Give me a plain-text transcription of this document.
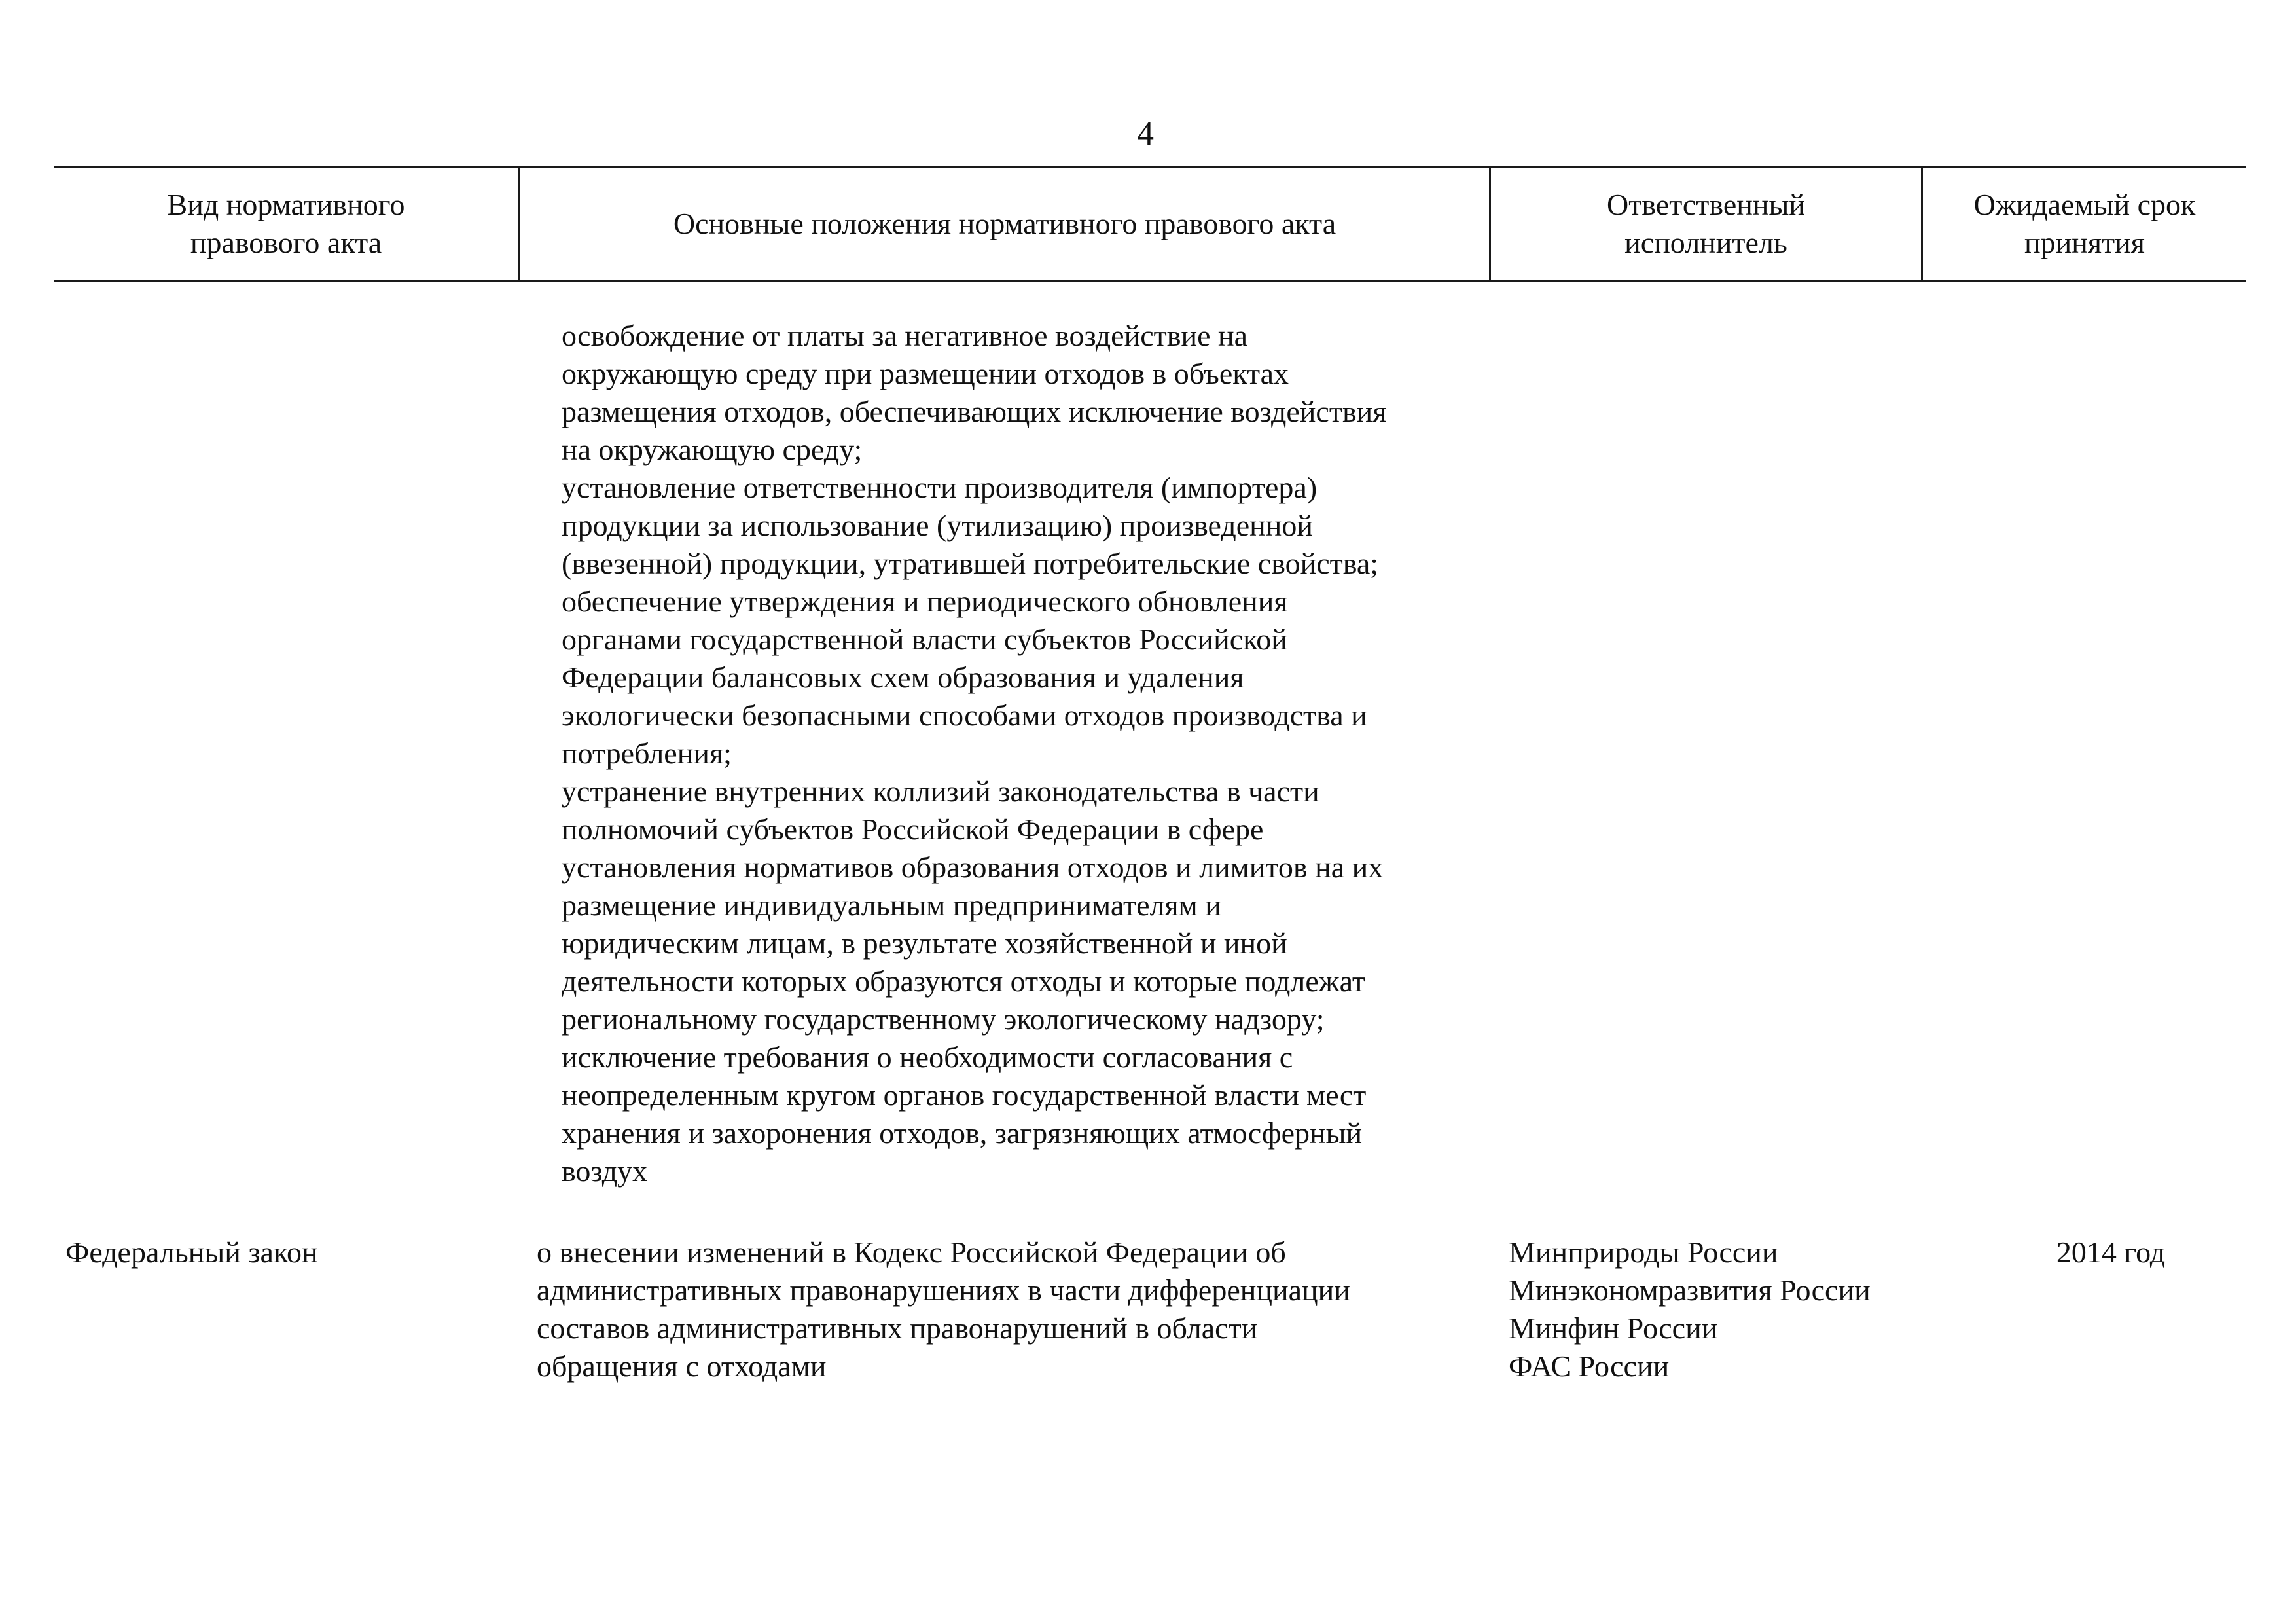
4
Вид нормативного
правового акта
Основные положения нормативного правового акта
Ответственный
исполнитель
Ожидаемый срок
принятия
освобождение от платы за негативное воздействие на
окружающую среду при размещении отходов в объектах
размещения отходов, обеспечивающих исключение воздействия
на окружающую среду;
установление ответственности производителя (импортера)
продукции за использование (утилизацию) произведенной
(ввезенной) продукции, утратившей потребительские свойства;
обеспечение утверждения и периодического обновления
органами государственной власти субъектов Российской
Федерации балансовых схем образования и удаления
экологически безопасными способами отходов производства и
потребления;
устранение внутренних коллизий законодательства в части
полномочий субъектов Российской Федерации в сфере
установления нормативов образования отходов и лимитов на их
размещение индивидуальным предпринимателям и
юридическим лицам, в результате хозяйственной и иной
деятельности которых образуются отходы и которые подлежат
региональному государственному экологическому надзору;
исключение требования о необходимости согласования с
неопределенным кругом органов государственной власти мест
хранения и захоронения отходов, загрязняющих атмосферный
воздух
Федеральный закон	о внесении изменений в Кодекс Российской Федерации об
административных правонарушениях в части дифференциации
составов административных правонарушений в области
обращения с отходами
Минприроды России
Минэкономразвития России
Минфин России
ФАС России
2014 год
